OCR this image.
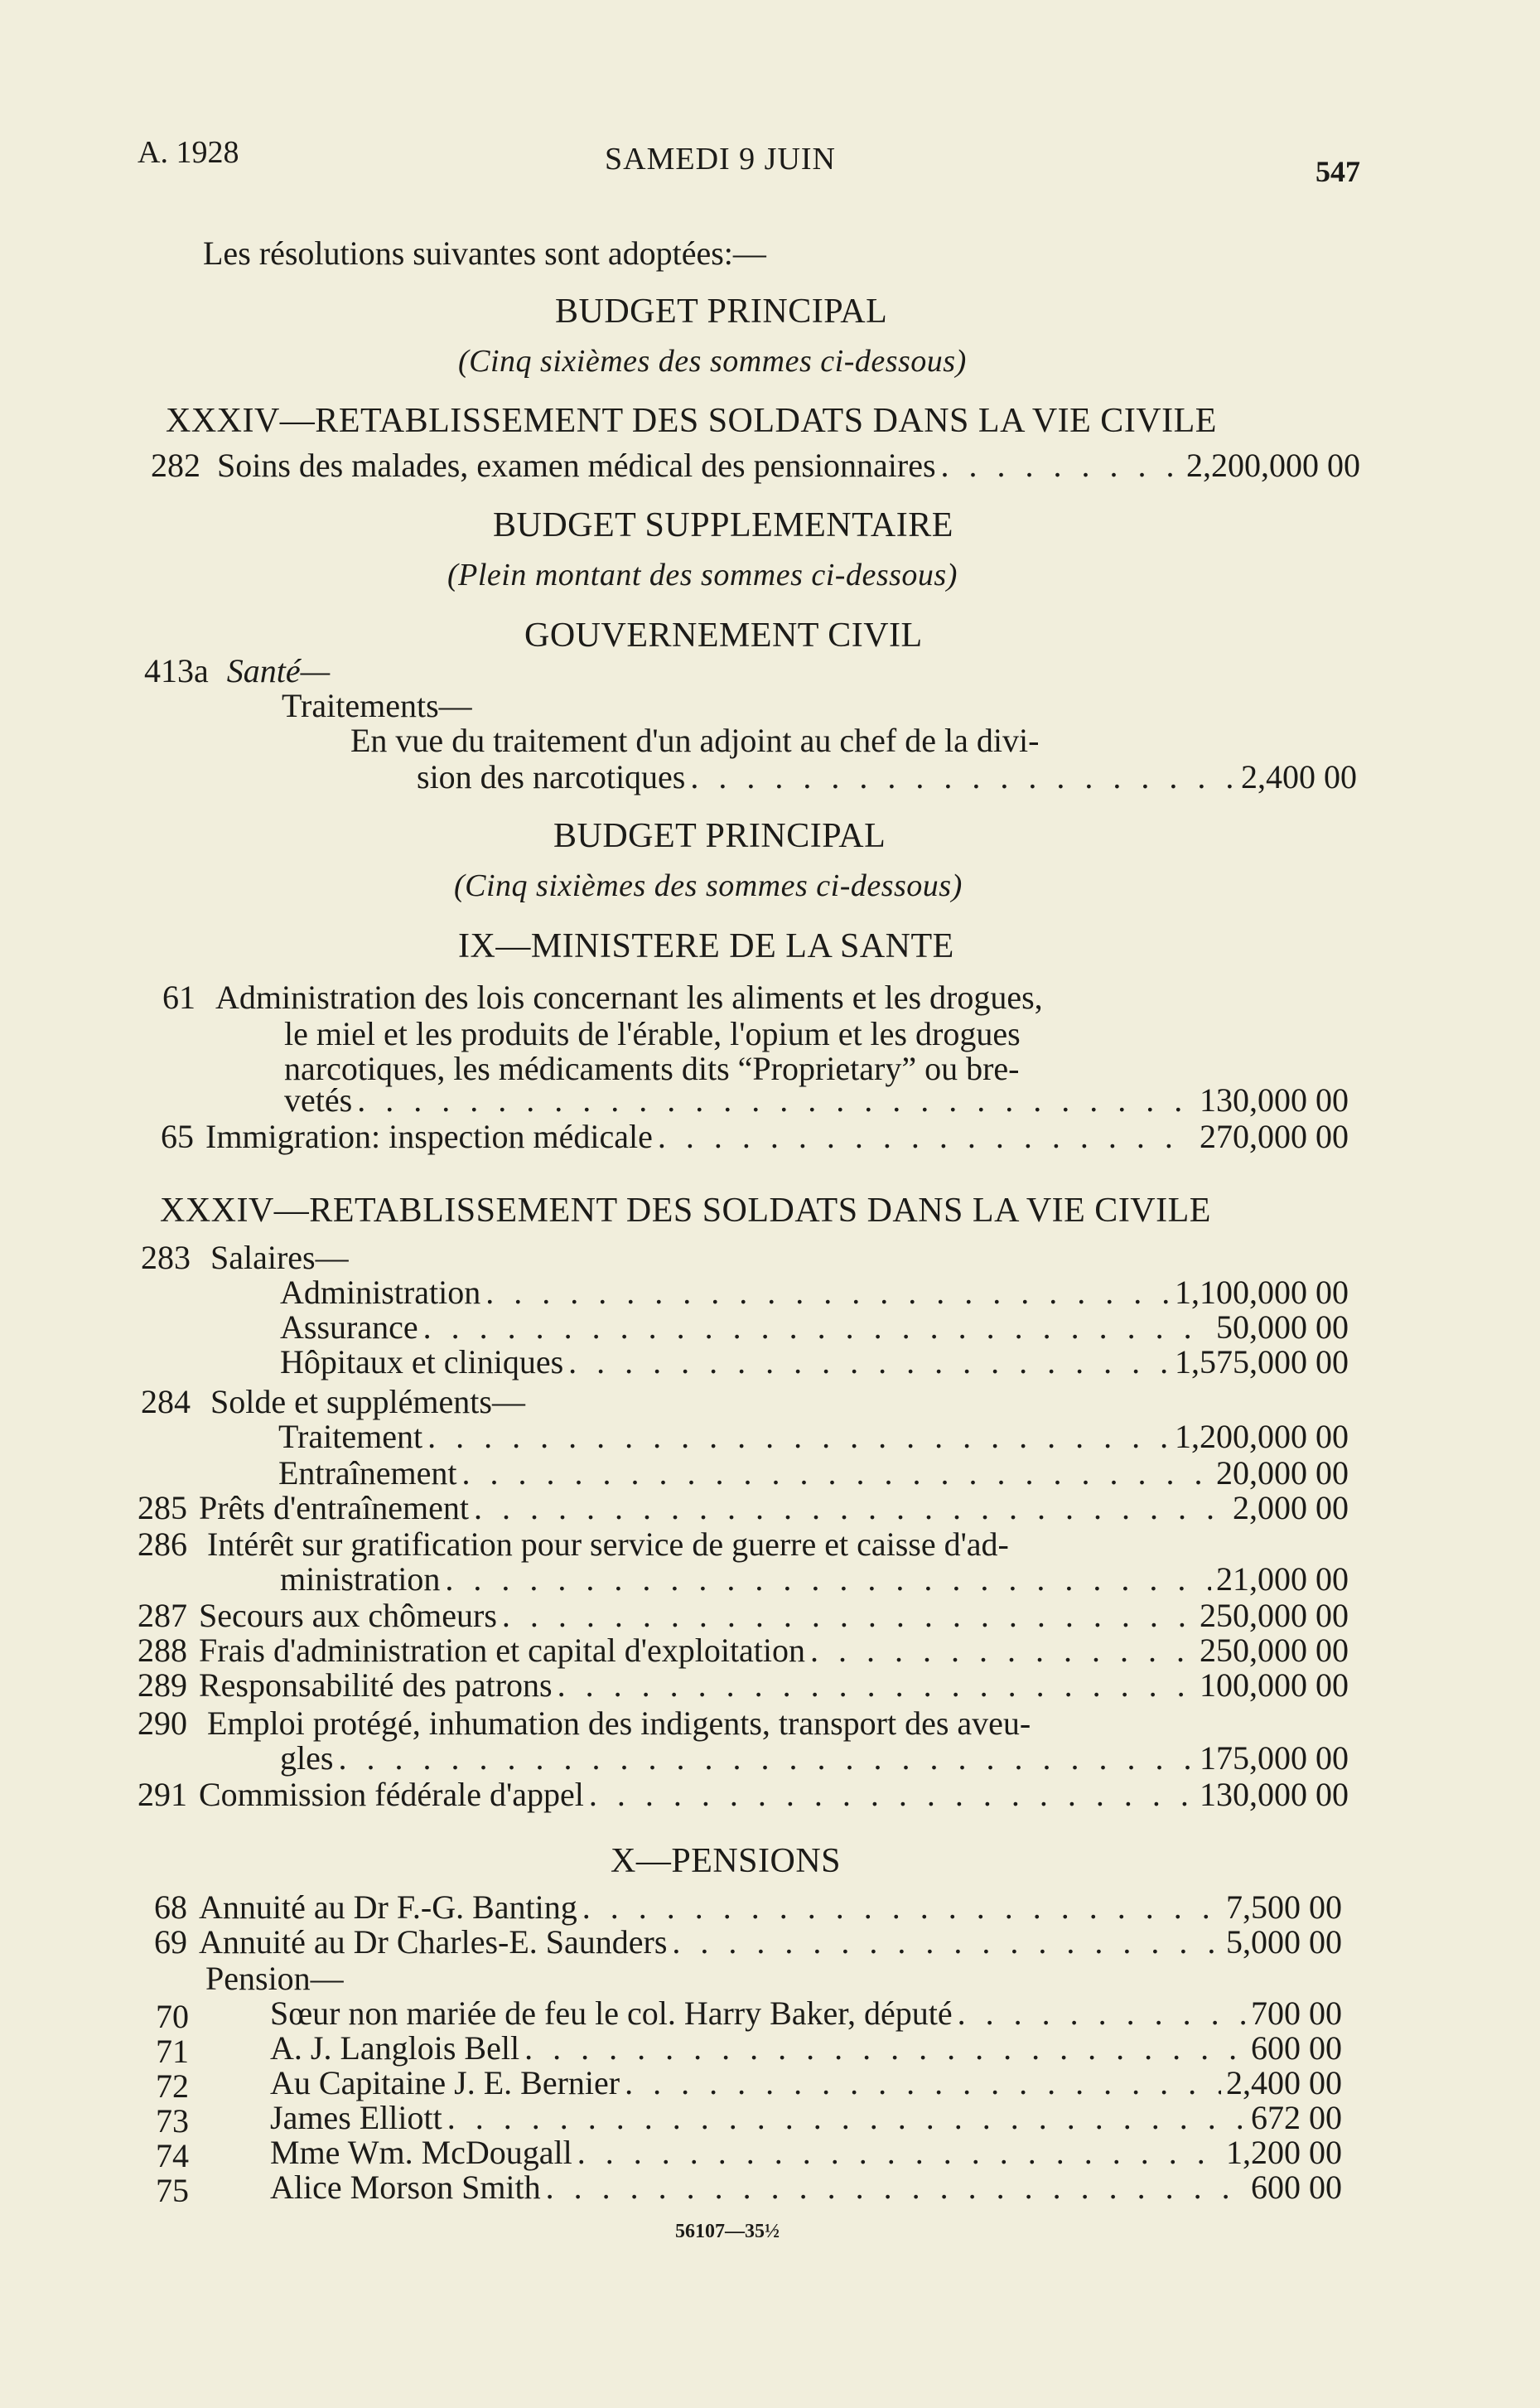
A. 1928	SAMEDI 9 JUIN	547
Les résolutions suivantes sont adoptées:—
BUDGET PRINCIPAL
(Cinq sixièmes des sommes ci-dessous)
XXXIV—RETABLISSEMENT DES SOLDATS DANS LA VIE CIVILE
282 Soins des malades, examen médical des pensionnaires . . .	2,200,000 00
BUDGET SUPPLEMENTAIRE
(Plein montant des sommes ci-dessous)
GOUVERNEMENT CIVIL
413a Santé—
Traitements—
En vue du traitement d'un adjoint au chef de la divi-
sion des narcotiques . . .	2,400 00
BUDGET PRINCIPAL
(Cinq sixièmes des sommes ci-dessous)
IX—MINISTERE DE LA SANTE
61 Administration des lois concernant les aliments et les drogues,
le miel et les produits de l'érable, l'opium et les drogues
narcotiques, les médicaments dits “Proprietary” ou bre-
vetés . . .	130,000 00
65 Immigration: inspection médicale . . .	270,000 00
XXXIV—RETABLISSEMENT DES SOLDATS DANS LA VIE CIVILE
283 Salaires—
Administration . . .	1,100,000 00
Assurance . . .	50,000 00
Hôpitaux et cliniques . . .	1,575,000 00
284 Solde et suppléments—
Traitement . . .	1,200,000 00
Entraînement . . .	20,000 00
285 Prêts d'entraînement . . .	2,000 00
286 Intérêt sur gratification pour service de guerre et caisse d'ad-
ministration . . .	21,000 00
287 Secours aux chômeurs . . .	250,000 00
288 Frais d'administration et capital d'exploitation . . .	250,000 00
289 Responsabilité des patrons . . .	100,000 00
290 Emploi protégé, inhumation des indigents, transport des aveu-
gles . . .	175,000 00
291 Commission fédérale d'appel . . .	130,000 00
X—PENSIONS
68 Annuité au Dr F.-G. Banting . . .	7,500 00
69 Annuité au Dr Charles-E. Saunders . . .	5,000 00
Pension—
70 Sœur non mariée de feu le col. Harry Baker, député . . .	700 00
71 A. J. Langlois Bell . . .	600 00
72 Au Capitaine J. E. Bernier . . .	2,400 00
73 James Elliott . . .	672 00
74 Mme Wm. McDougall . . .	1,200 00
75 Alice Morson Smith . . .	600 00
56107—35½
